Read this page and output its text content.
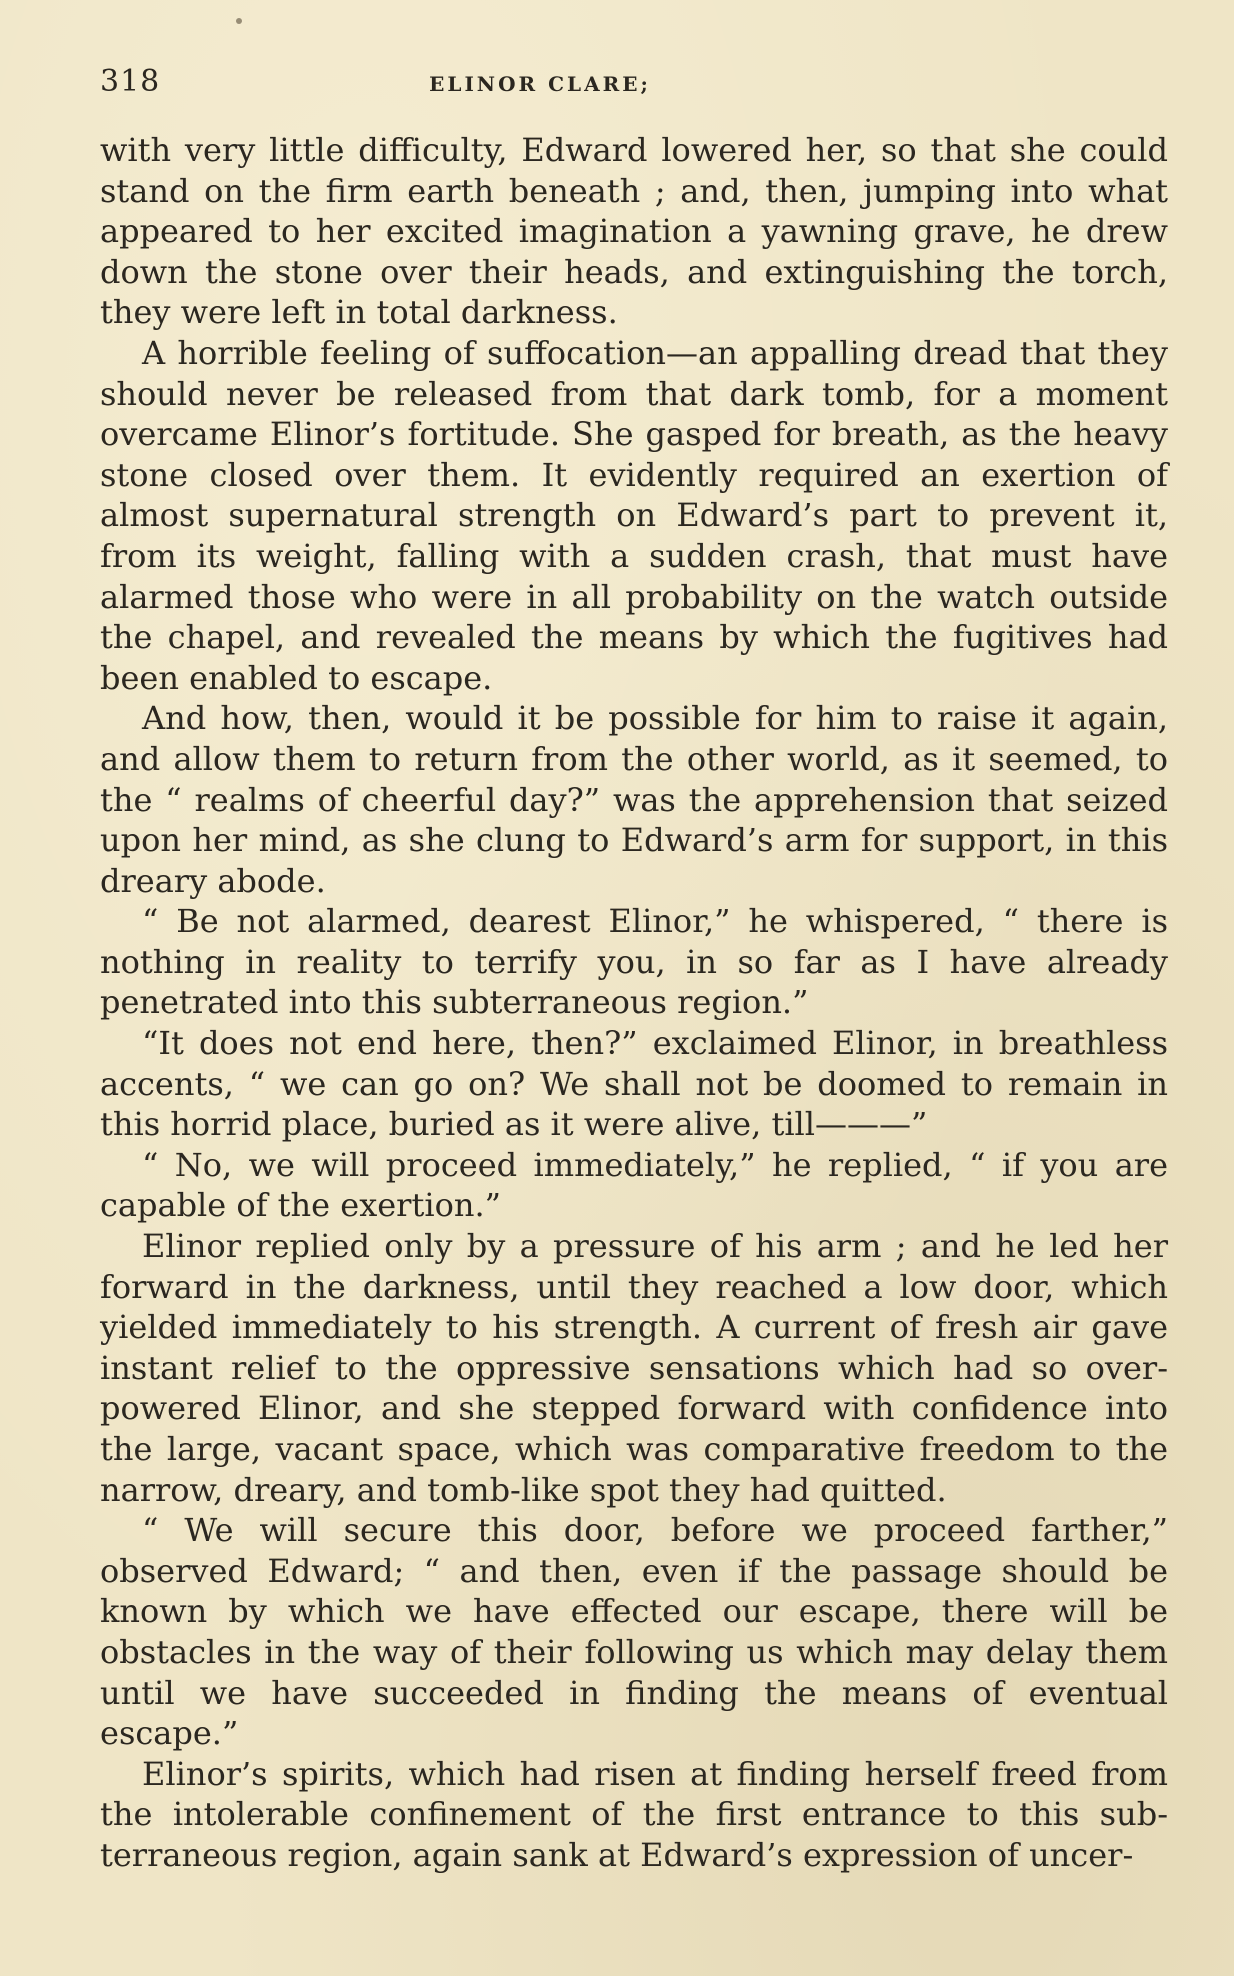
318	ELINOR CLARE;

with very little difficulty, Edward lowered her, so that she could stand on the firm earth beneath ; and, then, jumping into what appeared to her excited imagination a yawning grave, he drew down the stone over their heads, and extinguishing the torch, they were left in total darkness.

A horrible feeling of suffocation—an appalling dread that they should never be released from that dark tomb, for a moment overcame Elinor’s fortitude. She gasped for breath, as the heavy stone closed over them. It evidently required an exertion of almost supernatural strength on Edward’s part to prevent it, from its weight, falling with a sudden crash, that must have alarmed those who were in all probability on the watch outside the chapel, and revealed the means by which the fugitives had been enabled to escape.

And how, then, would it be possible for him to raise it again, and allow them to return from the other world, as it seemed, to the “ realms of cheerful day?” was the apprehension that seized upon her mind, as she clung to Edward’s arm for support, in this dreary abode.

“ Be not alarmed, dearest Elinor,” he whispered, “ there is nothing in reality to terrify you, in so far as I have already penetrated into this subterraneous region.”

“It does not end here, then?” exclaimed Elinor, in breathless accents, “ we can go on? We shall not be doomed to remain in this horrid place, buried as it were alive, till———”

“ No, we will proceed immediately,” he replied, “ if you are capable of the exertion.”

Elinor replied only by a pressure of his arm ; and he led her forward in the darkness, until they reached a low door, which yielded immediately to his strength. A current of fresh air gave instant relief to the oppressive sensations which had so over-powered Elinor, and she stepped forward with confidence into the large, vacant space, which was comparative freedom to the narrow, dreary, and tomb-like spot they had quitted.

“ We will secure this door, before we proceed farther,” observed Edward; “ and then, even if the passage should be known by which we have effected our escape, there will be obstacles in the way of their following us which may delay them until we have succeeded in finding the means of eventual escape.”

Elinor’s spirits, which had risen at finding herself freed from the intolerable confinement of the first entrance to this sub-terraneous region, again sank at Edward’s expression of uncer-
